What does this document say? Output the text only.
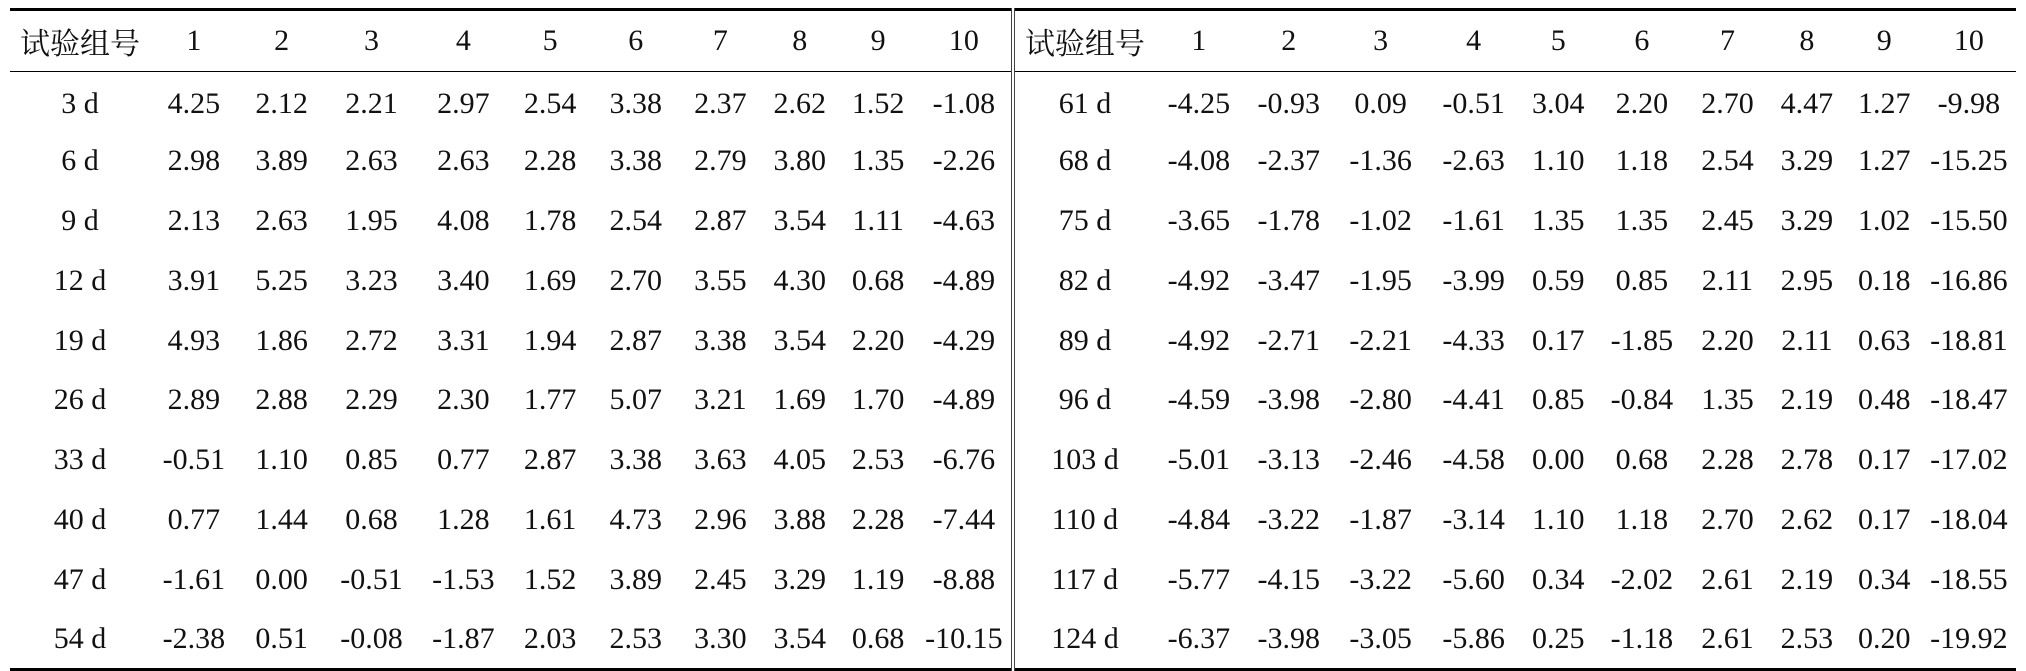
试验组号	1	2	3	4	5	6	7	8	9	10	试验组号	1	2	3	4	5	6	7	8	9	10
3 d	4.25	2.12	2.21	2.97	2.54	3.38	2.37	2.62	1.52	-1.08	61 d	-4.25	-0.93	0.09	-0.51	3.04	2.20	2.70	4.47	1.27	-9.98
6 d	2.98	3.89	2.63	2.63	2.28	3.38	2.79	3.80	1.35	-2.26	68 d	-4.08	-2.37	-1.36	-2.63	1.10	1.18	2.54	3.29	1.27	-15.25
9 d	2.13	2.63	1.95	4.08	1.78	2.54	2.87	3.54	1.11	-4.63	75 d	-3.65	-1.78	-1.02	-1.61	1.35	1.35	2.45	3.29	1.02	-15.50
12 d	3.91	5.25	3.23	3.40	1.69	2.70	3.55	4.30	0.68	-4.89	82 d	-4.92	-3.47	-1.95	-3.99	0.59	0.85	2.11	2.95	0.18	-16.86
19 d	4.93	1.86	2.72	3.31	1.94	2.87	3.38	3.54	2.20	-4.29	89 d	-4.92	-2.71	-2.21	-4.33	0.17	-1.85	2.20	2.11	0.63	-18.81
26 d	2.89	2.88	2.29	2.30	1.77	5.07	3.21	1.69	1.70	-4.89	96 d	-4.59	-3.98	-2.80	-4.41	0.85	-0.84	1.35	2.19	0.48	-18.47
33 d	-0.51	1.10	0.85	0.77	2.87	3.38	3.63	4.05	2.53	-6.76	103 d	-5.01	-3.13	-2.46	-4.58	0.00	0.68	2.28	2.78	0.17	-17.02
40 d	0.77	1.44	0.68	1.28	1.61	4.73	2.96	3.88	2.28	-7.44	110 d	-4.84	-3.22	-1.87	-3.14	1.10	1.18	2.70	2.62	0.17	-18.04
47 d	-1.61	0.00	-0.51	-1.53	1.52	3.89	2.45	3.29	1.19	-8.88	117 d	-5.77	-4.15	-3.22	-5.60	0.34	-2.02	2.61	2.19	0.34	-18.55
54 d	-2.38	0.51	-0.08	-1.87	2.03	2.53	3.30	3.54	0.68	-10.15	124 d	-6.37	-3.98	-3.05	-5.86	0.25	-1.18	2.61	2.53	0.20	-19.92
